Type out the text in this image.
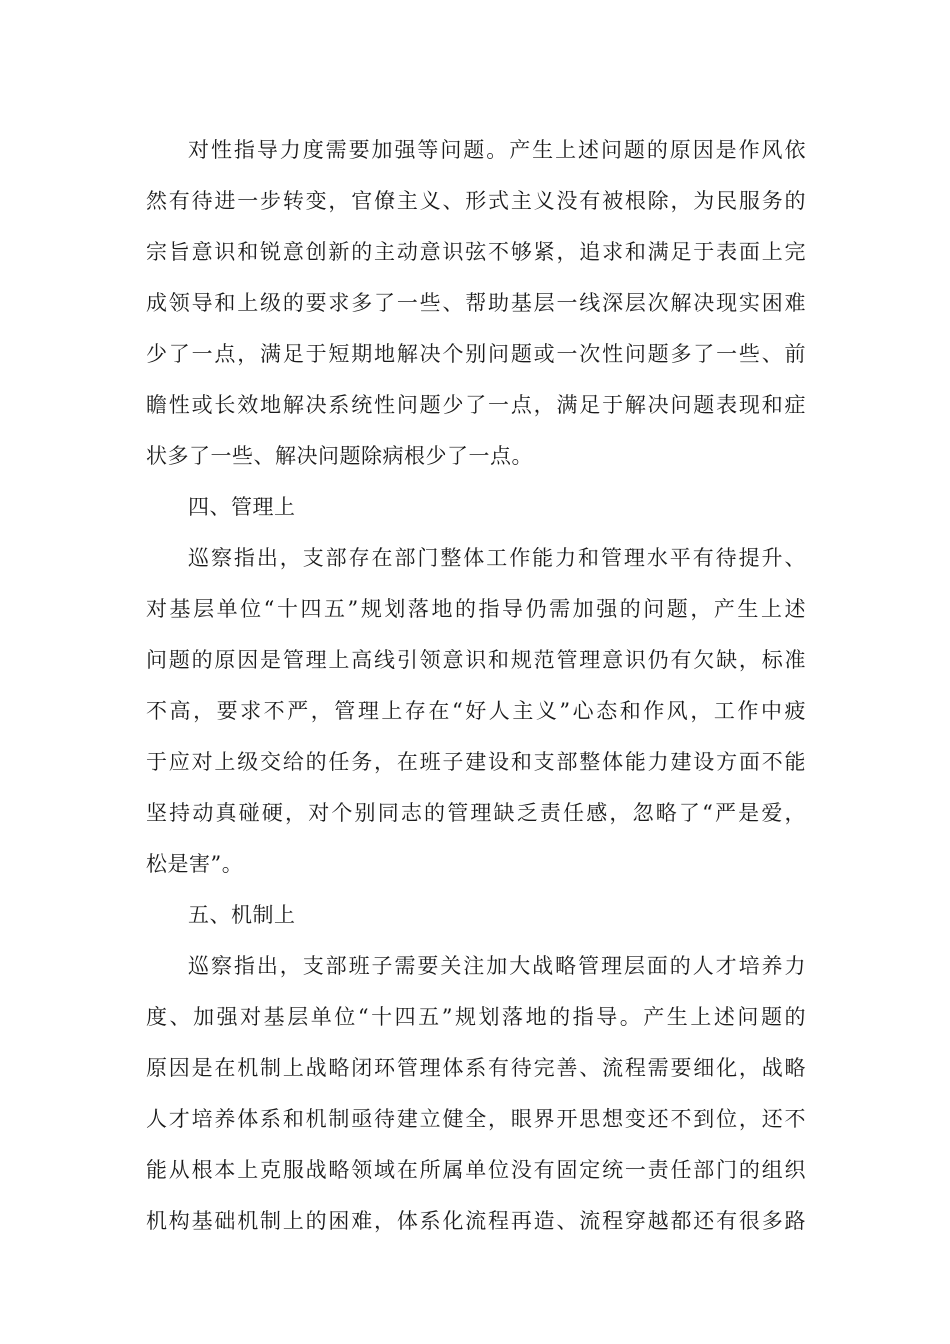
对性指导力度需要加强等问题。产生上述问题的原因是作风依
然有待进一步转变，官僚主义、形式主义没有被根除，为民服务的
宗旨意识和锐意创新的主动意识弦不够紧，追求和满足于表面上完
成领导和上级的要求多了一些、帮助基层一线深层次解决现实困难
少了一点，满足于短期地解决个别问题或一次性问题多了一些、前
瞻性或长效地解决系统性问题少了一点，满足于解决问题表现和症
状多了一些、解决问题除病根少了一点。
四、管理上
巡察指出，支部存在部门整体工作能力和管理水平有待提升、
对基层单位“十四五”规划落地的指导仍需加强的问题，产生上述
问题的原因是管理上高线引领意识和规范管理意识仍有欠缺，标准
不高，要求不严，管理上存在“好人主义”心态和作风，工作中疲
于应对上级交给的任务，在班子建设和支部整体能力建设方面不能
坚持动真碰硬，对个别同志的管理缺乏责任感，忽略了“严是爱，
松是害”。
五、机制上
巡察指出，支部班子需要关注加大战略管理层面的人才培养力
度、加强对基层单位“十四五”规划落地的指导。产生上述问题的
原因是在机制上战略闭环管理体系有待完善、流程需要细化，战略
人才培养体系和机制亟待建立健全，眼界开思想变还不到位，还不
能从根本上克服战略领域在所属单位没有固定统一责任部门的组织
机构基础机制上的困难，体系化流程再造、流程穿越都还有很多路
